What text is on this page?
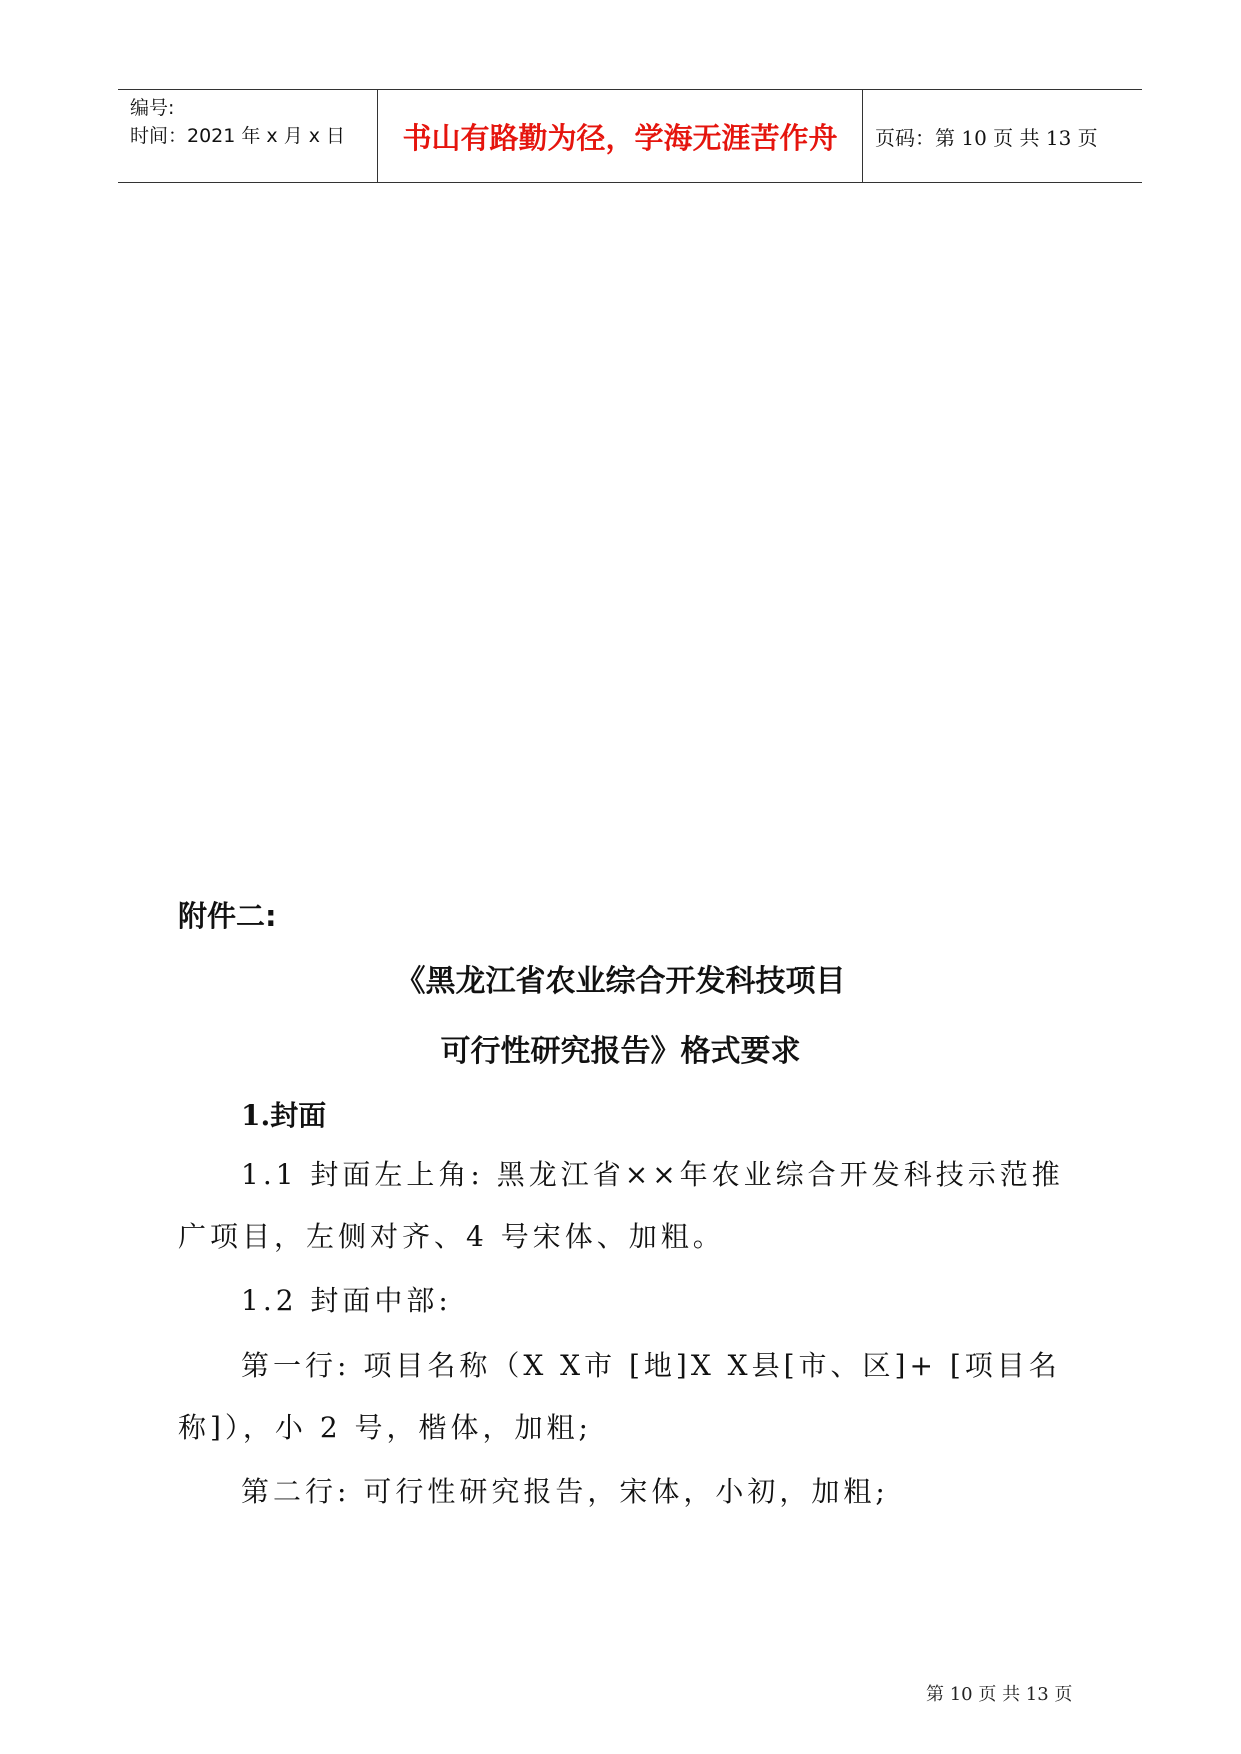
编号:
时间：2021 年 x 月 x 日	书山有路勤为径，学海无涯苦作舟	页码：第 10 页 共 13 页
附件二:
《黑龙江省农业综合开发科技项目
可行性研究报告》格式要求
1.封面
1.1 封面左上角: 黑龙江省××年农业综合开发科技示范推广项目，左侧对齐、4 号宋体、加粗。
1.2 封面中部:
第一行: 项目名称（X X市 [地]X X县[市、区]+ [项目名称]），小 2 号，楷体，加粗;
第二行: 可行性研究报告，宋体，小初，加粗;
第 10 页 共 13 页
